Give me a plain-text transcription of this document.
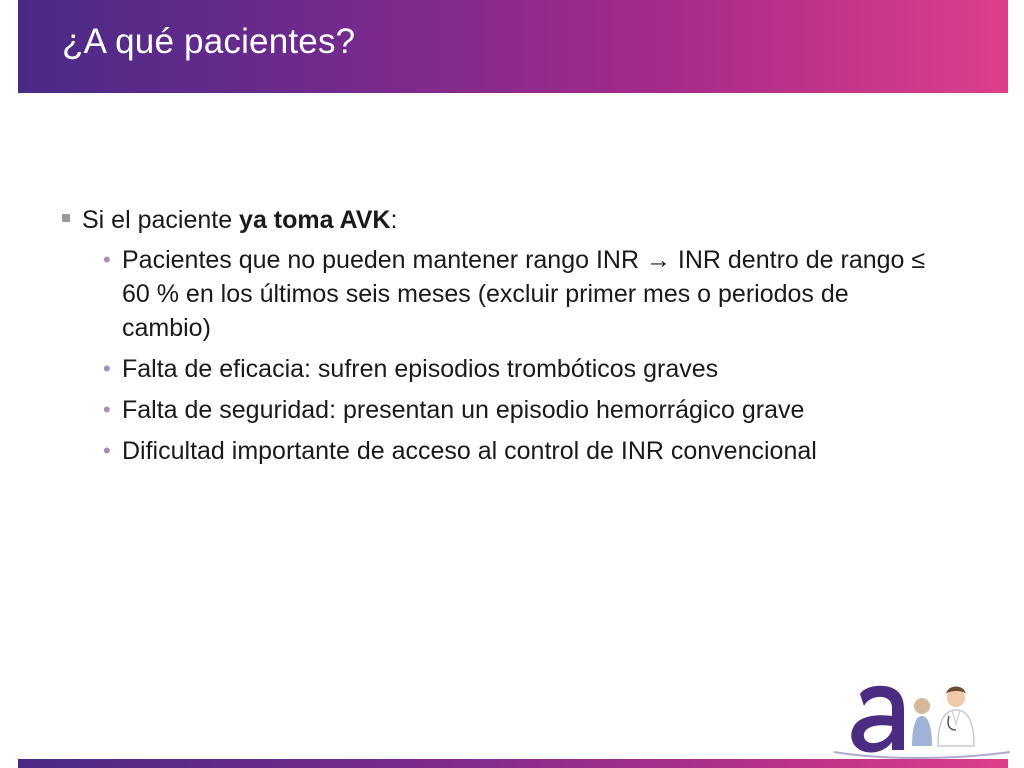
¿A qué pacientes?

Si el paciente ya toma AVK:

• Pacientes que no pueden mantener rango INR → INR dentro de rango ≤ 60 % en los últimos seis meses (excluir primer mes o periodos de cambio)
• Falta de eficacia: sufren episodios trombóticos graves
• Falta de seguridad: presentan un episodio hemorrágico grave
• Dificultad importante de acceso al control de INR convencional
